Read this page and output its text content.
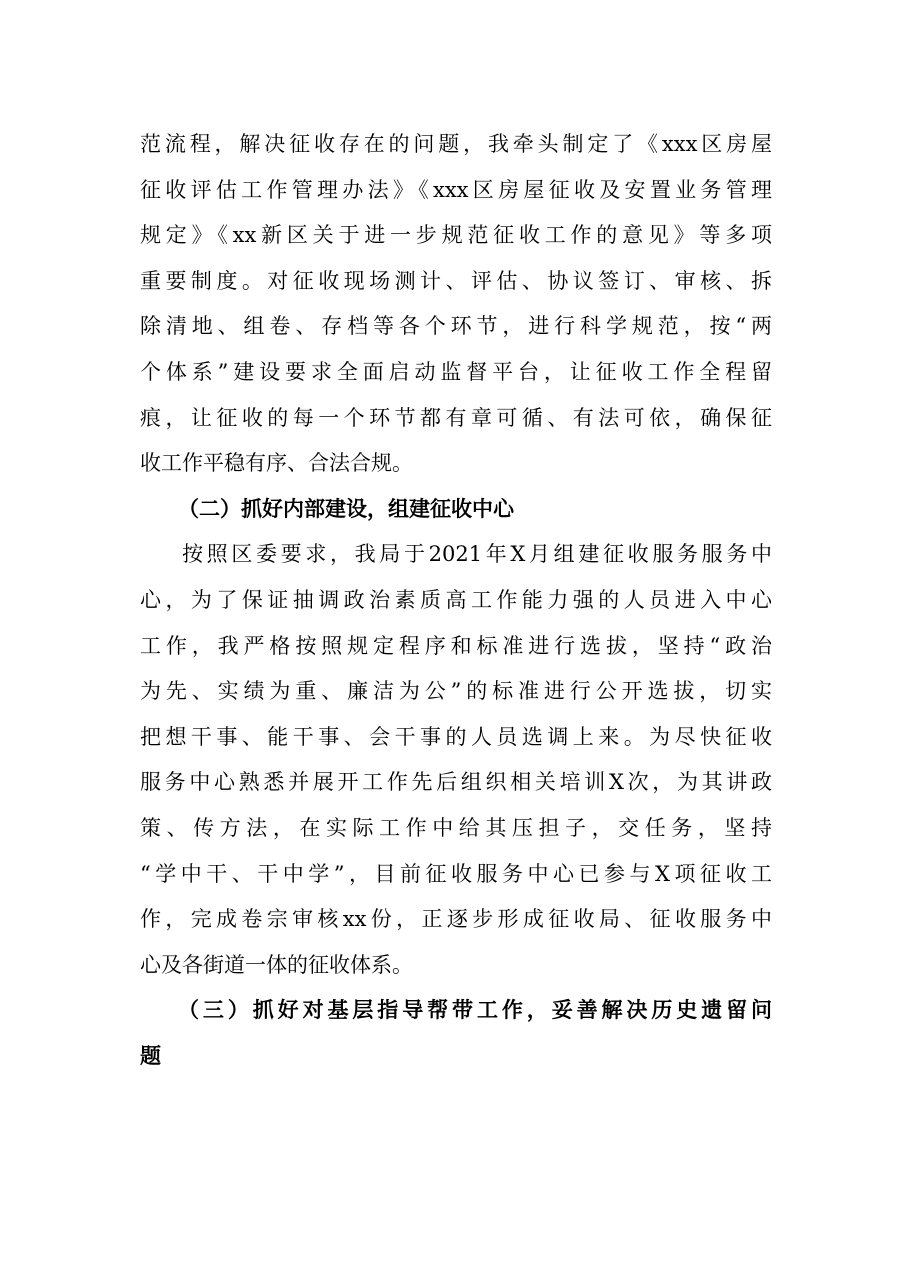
范流程，解决征收存在的问题，我牵头制定了《xxx区房屋
征收评估工作管理办法》《xxx区房屋征收及安置业务管理
规定》《xx新区关于进一步规范征收工作的意见》等多项
重要制度。对征收现场测计、评估、协议签订、审核、拆
除清地、组卷、存档等各个环节，进行科学规范，按“两
个体系”建设要求全面启动监督平台，让征收工作全程留
痕，让征收的每一个环节都有章可循、有法可依，确保征
收工作平稳有序、合法合规。
（二）抓好内部建设，组建征收中心
按照区委要求，我局于2021年X月组建征收服务服务中
心，为了保证抽调政治素质高工作能力强的人员进入中心
工作，我严格按照规定程序和标准进行选拔，坚持“政治
为先、实绩为重、廉洁为公”的标准进行公开选拔，切实
把想干事、能干事、会干事的人员选调上来。为尽快征收
服务中心熟悉并展开工作先后组织相关培训X次，为其讲政
策、传方法，在实际工作中给其压担子，交任务，坚持
“学中干、干中学”，目前征收服务中心已参与X项征收工
作，完成卷宗审核xx份，正逐步形成征收局、征收服务中
心及各街道一体的征收体系。
（三）抓好对基层指导帮带工作，妥善解决历史遗留问
题
